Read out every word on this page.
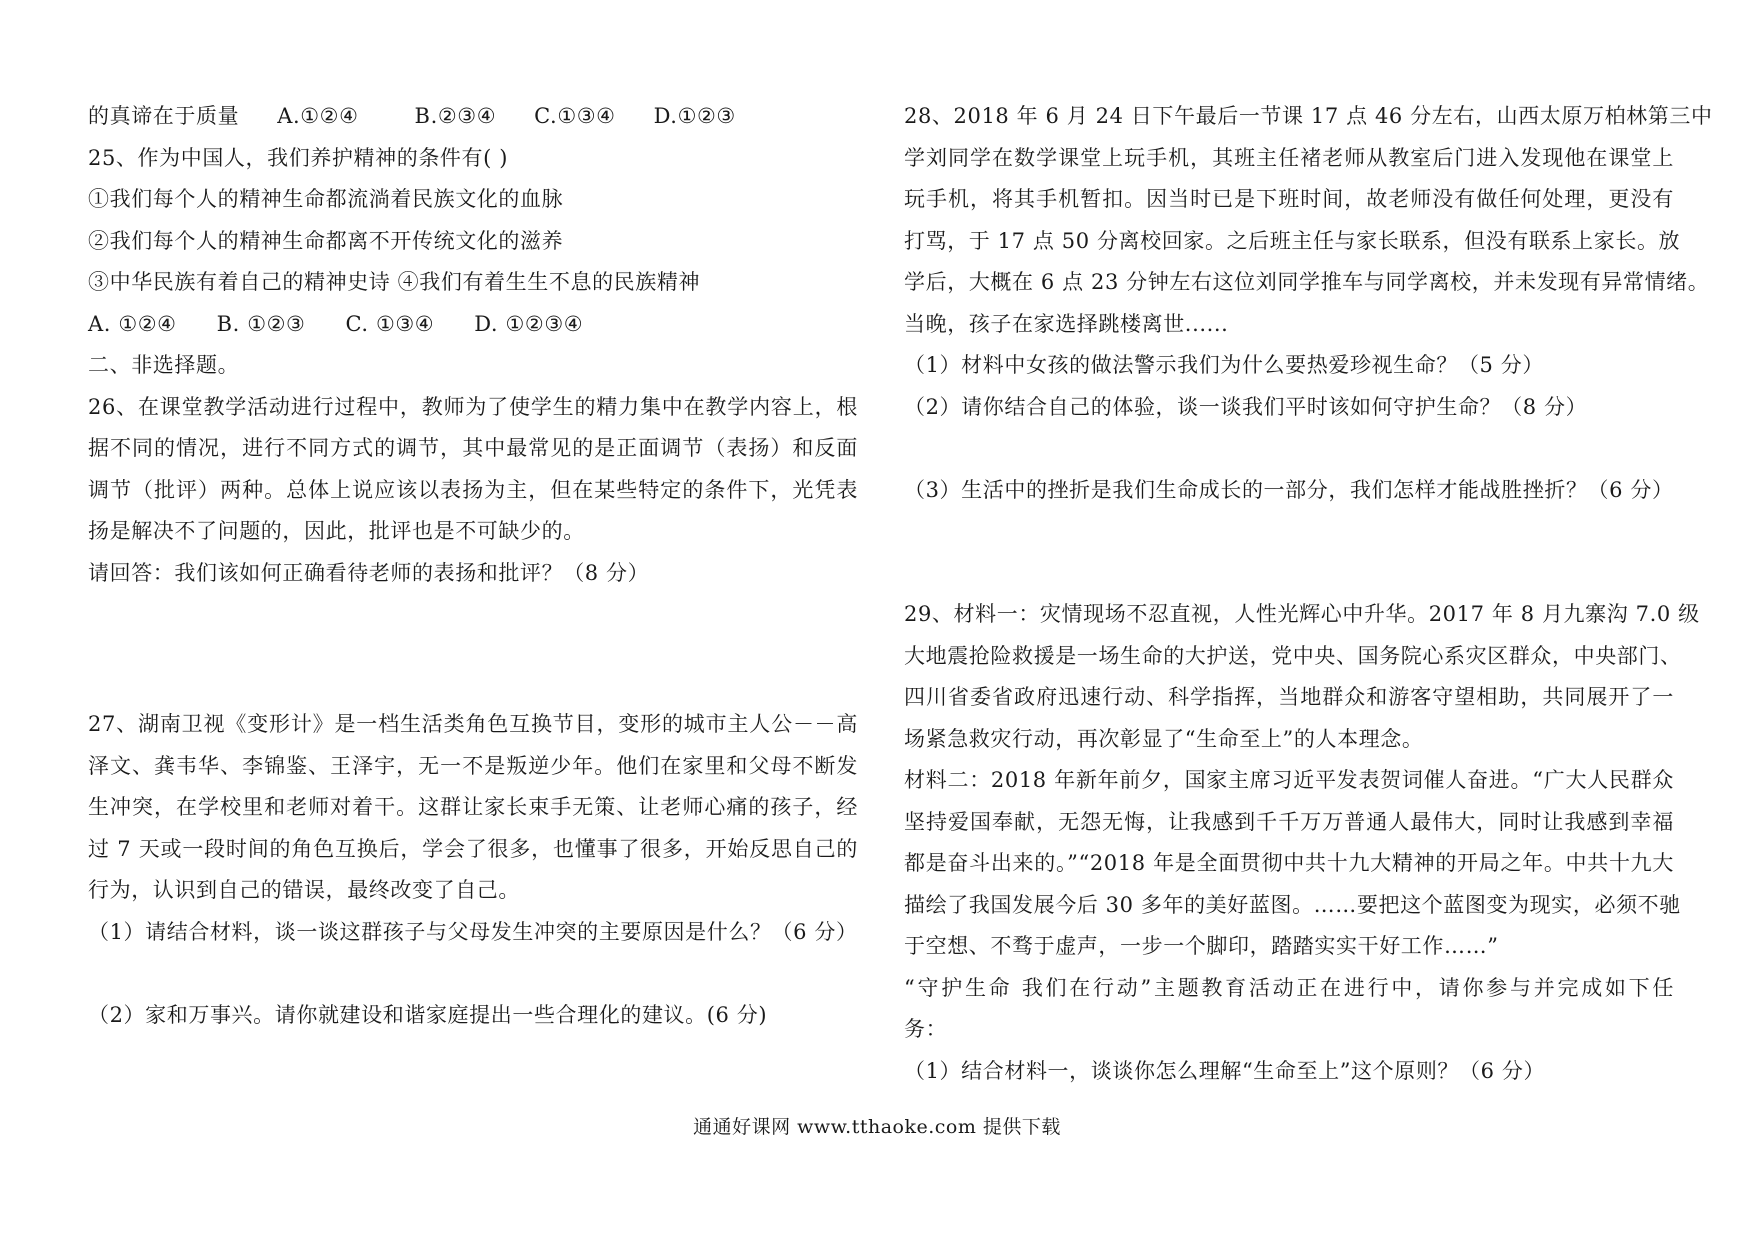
的真谛在于质量 A.①②④	B.②③④ C.①③④ D.①②③
25、作为中国人，我们养护精神的条件有( )
①我们每个人的精神生命都流淌着民族文化的血脉
②我们每个人的精神生命都离不开传统文化的滋养
③中华民族有着自己的精神史诗 ④我们有着生生不息的民族精神
A. ①②④ B. ①②③ C. ①③④ D. ①②③④
二、非选择题。
26、在课堂教学活动进行过程中，教师为了使学生的精力集中在教学内容上，根
据不同的情况，进行不同方式的调节，其中最常见的是正面调节（表扬）和反面
调节（批评）两种。总体上说应该以表扬为主，但在某些特定的条件下，光凭表
扬是解决不了问题的，因此，批评也是不可缺少的。
请回答：我们该如何正确看待老师的表扬和批评？（8 分）
27、湖南卫视《变形计》是一档生活类角色互换节目，变形的城市主人公－－高
泽文、龚韦华、李锦鉴、王泽宇，无一不是叛逆少年。他们在家里和父母不断发
生冲突，在学校里和老师对着干。这群让家长束手无策、让老师心痛的孩子，经
过 7 天或一段时间的角色互换后，学会了很多，也懂事了很多，开始反思自己的
行为，认识到自己的错误，最终改变了自己。
（1）请结合材料，谈一谈这群孩子与父母发生冲突的主要原因是什么？（6 分）
（2）家和万事兴。请你就建设和谐家庭提出一些合理化的建议。(6 分)
28、2018 年 6 月 24 日下午最后一节课 17 点 46 分左右，山西太原万柏林第三中
学刘同学在数学课堂上玩手机，其班主任褚老师从教室后门进入发现他在课堂上
玩手机，将其手机暂扣。因当时已是下班时间，故老师没有做任何处理，更没有
打骂，于 17 点 50 分离校回家。之后班主任与家长联系，但没有联系上家长。放
学后，大概在 6 点 23 分钟左右这位刘同学推车与同学离校，并未发现有异常情绪。
当晚，孩子在家选择跳楼离世......
（1）材料中女孩的做法警示我们为什么要热爱珍视生命？（5 分）
（2）请你结合自己的体验，谈一谈我们平时该如何守护生命？（8 分）
（3）生活中的挫折是我们生命成长的一部分，我们怎样才能战胜挫折？（6 分）
29、材料一：灾情现场不忍直视，人性光辉心中升华。2017 年 8 月九寨沟 7.0 级
大地震抢险救援是一场生命的大护送，党中央、国务院心系灾区群众，中央部门、
四川省委省政府迅速行动、科学指挥，当地群众和游客守望相助，共同展开了一
场紧急救灾行动，再次彰显了“生命至上”的人本理念。
材料二：2018 年新年前夕，国家主席习近平发表贺词催人奋进。“广大人民群众
坚持爱国奉献，无怨无悔，让我感到千千万万普通人最伟大，同时让我感到幸福
都是奋斗出来的。”“2018 年是全面贯彻中共十九大精神的开局之年。中共十九大
描绘了我国发展今后 30 多年的美好蓝图。……要把这个蓝图变为现实，必须不驰
于空想、不骛于虚声，一步一个脚印，踏踏实实干好工作……”
“守护生命 我们在行动”主题教育活动正在进行中，请你参与并完成如下任
务：
（1）结合材料一，谈谈你怎么理解“生命至上”这个原则？（6 分）
通通好课网 www.tthaoke.com 提供下载
